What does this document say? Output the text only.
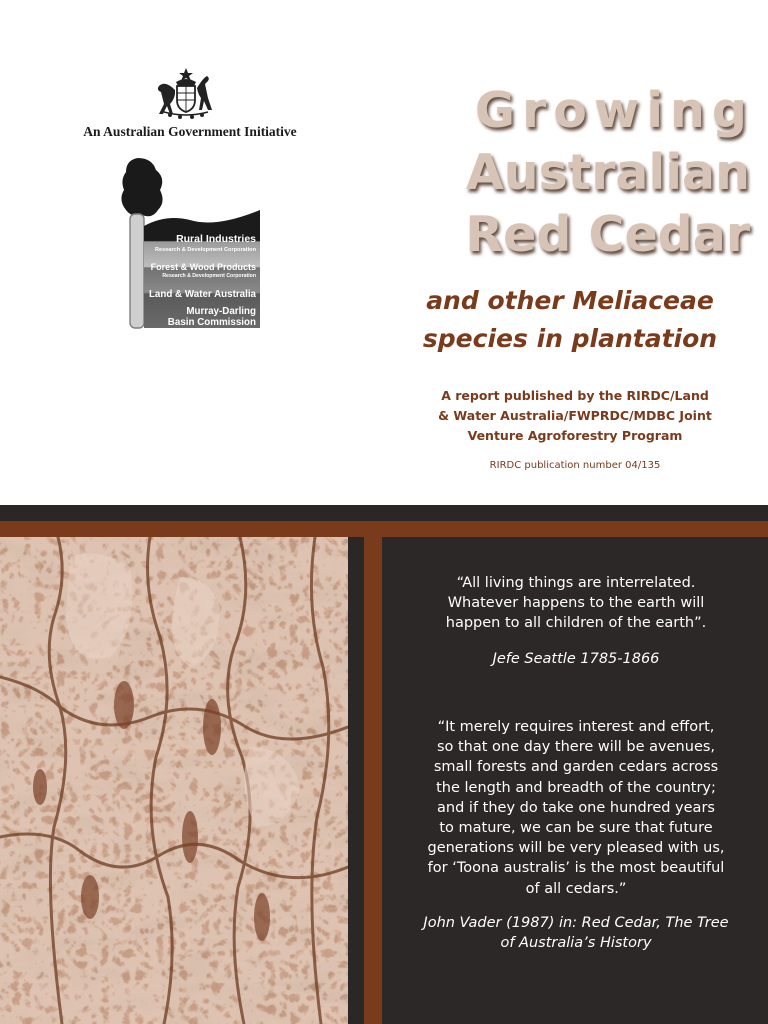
An Australian Government Initiative
Rural Industries
Research & Development Corporation
Forest & Wood Products
Research & Development Corporation
Land & Water Australia
Murray-Darling
Basin Commission
Growing
Australian
Red Cedar
and other Meliaceae
species in plantation
A report published by the RIRDC/Land
& Water Australia/FWPRDC/MDBC Joint
Venture Agroforestry Program
RIRDC publication number 04/135
“All living things are interrelated.
Whatever happens to the earth will
happen to all children of the earth”.
Jefe Seattle 1785-1866
“It merely requires interest and effort,
so that one day there will be avenues,
small forests and garden cedars across
the length and breadth of the country;
and if they do take one hundred years
to mature, we can be sure that future
generations will be very pleased with us,
for ‘Toona australis’ is the most beautiful
of all cedars.”
John Vader (1987) in: Red Cedar, The Tree
of Australia’s History
